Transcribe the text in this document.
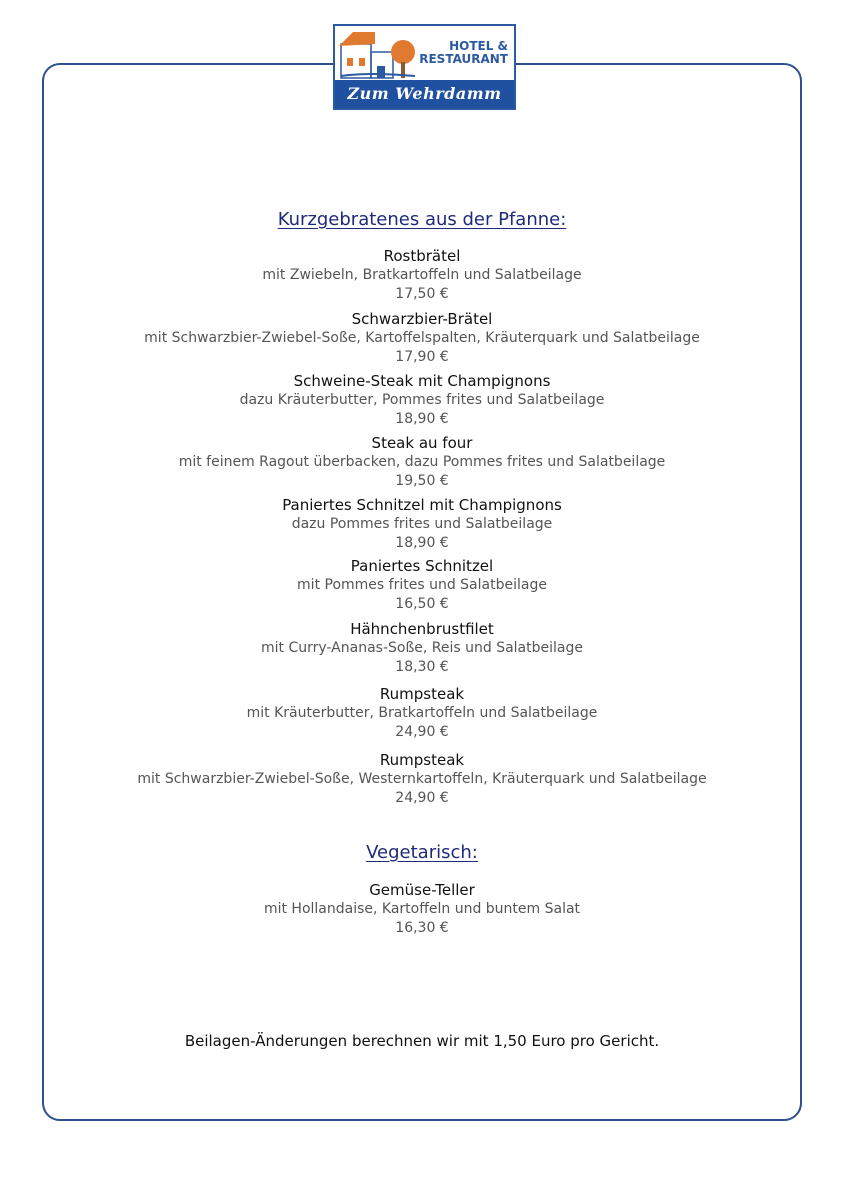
HOTEL &
RESTAURANT
Zum Wehrdamm
Kurzgebratenes aus der Pfanne:
Rostbrätel
mit Zwiebeln, Bratkartoffeln und Salatbeilage
17,50 €
Schwarzbier-Brätel
mit Schwarzbier-Zwiebel-Soße, Kartoffelspalten, Kräuterquark und Salatbeilage
17,90 €
Schweine-Steak mit Champignons
dazu Kräuterbutter, Pommes frites und Salatbeilage
18,90 €
Steak au four
mit feinem Ragout überbacken, dazu Pommes frites und Salatbeilage
19,50 €
Paniertes Schnitzel mit Champignons
dazu Pommes frites und Salatbeilage
18,90 €
Paniertes Schnitzel
mit Pommes frites und Salatbeilage
16,50 €
Hähnchenbrustfilet
mit Curry-Ananas-Soße, Reis und Salatbeilage
18,30 €
Rumpsteak
mit Kräuterbutter, Bratkartoffeln und Salatbeilage
24,90 €
Rumpsteak
mit Schwarzbier-Zwiebel-Soße, Westernkartoffeln, Kräuterquark und Salatbeilage
24,90 €
Vegetarisch:
Gemüse-Teller
mit Hollandaise, Kartoffeln und buntem Salat
16,30 €
Beilagen-Änderungen berechnen wir mit 1,50 Euro pro Gericht.
